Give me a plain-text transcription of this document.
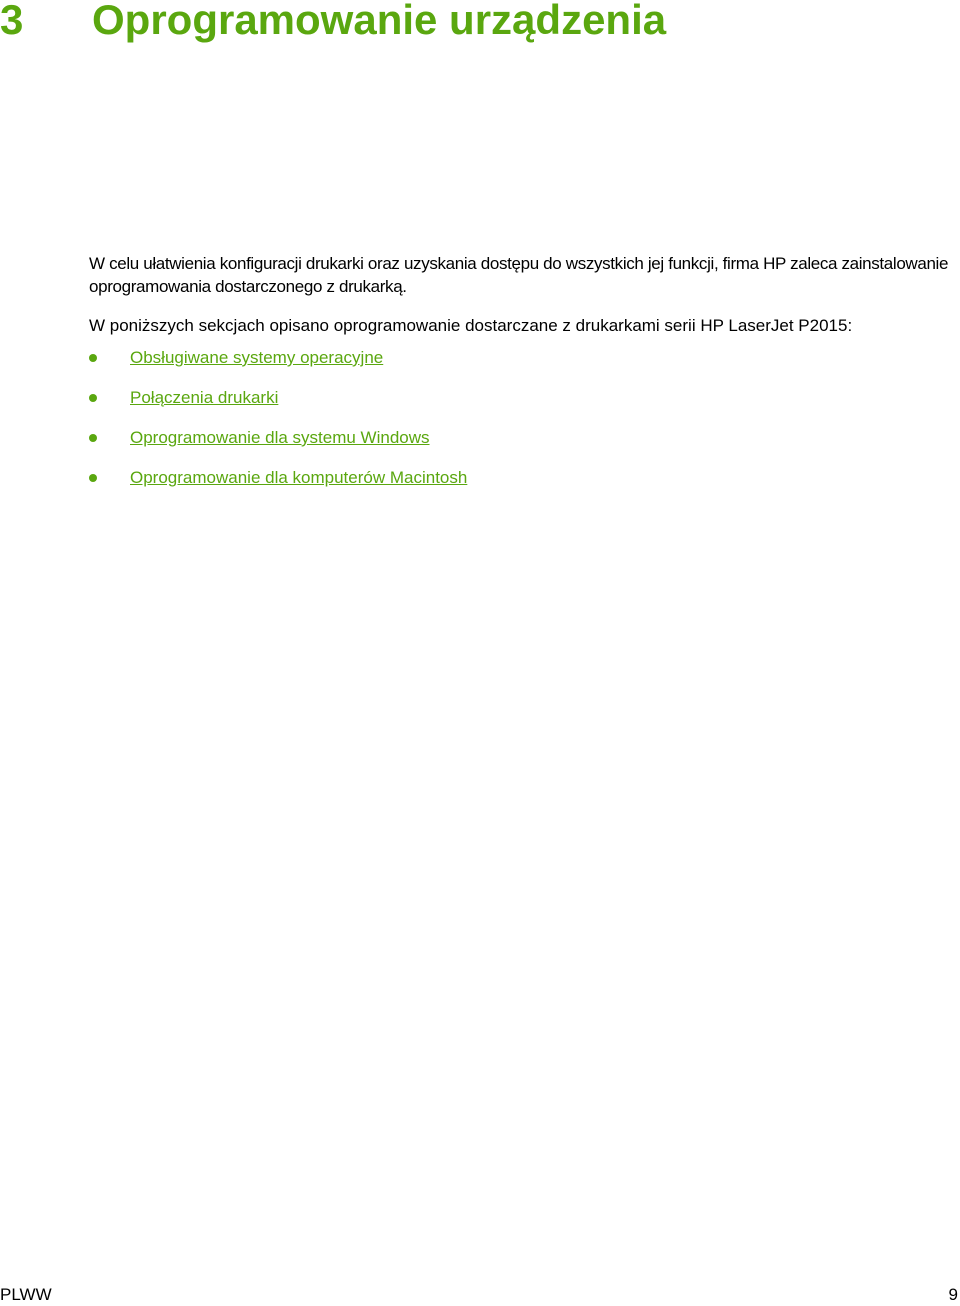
3 Oprogramowanie urządzenia

W celu ułatwienia konfiguracji drukarki oraz uzyskania dostępu do wszystkich jej funkcji, firma HP zaleca zainstalowanie oprogramowania dostarczonego z drukarką.

W poniższych sekcjach opisano oprogramowanie dostarczane z drukarkami serii HP LaserJet P2015:

Obsługiwane systemy operacyjne
Połączenia drukarki
Oprogramowanie dla systemu Windows
Oprogramowanie dla komputerów Macintosh
PLWW	9
